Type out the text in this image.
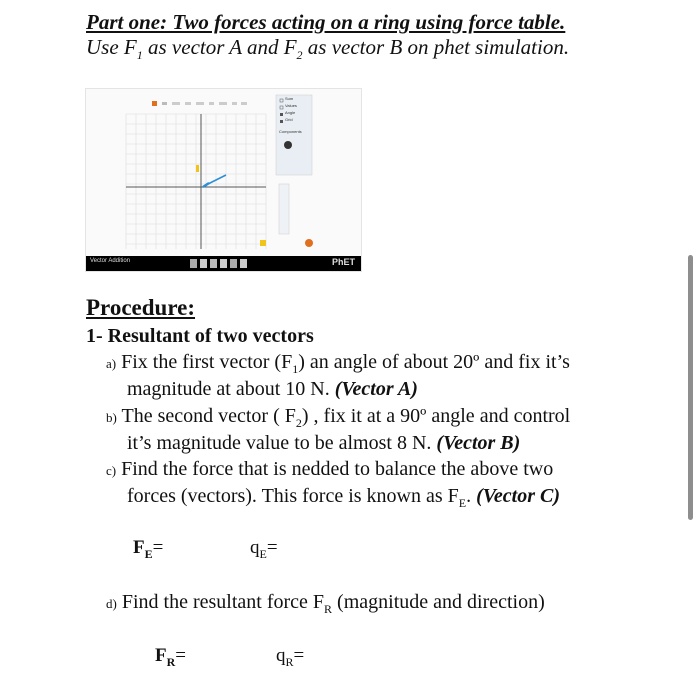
Part one: Two forces acting on a ring using force table.
Use $F_1$ as vector A and $F_2$ as vector B on phet simulation.
Vector Addition	PhET
Sum
Values
Angle
Grid
Components
Procedure:
1- Resultant of two vectors
a) Fix the first vector $(F_1)$ an angle of about 20º and fix it’s
magnitude at about 10 N. (Vector A)
b) The second vector ( $F_2$) , fix it at a 90º angle and control
it’s magnitude value to be almost 8 N. (Vector B)
c) Find the force that is nedded to balance the above two
forces (vectors). This force is known as $F_E$. (Vector C)
$F_E=$	$q_E=$
d) Find the resultant force $F_R$ (magnitude and direction)
$F_R=$	$q_R=$
